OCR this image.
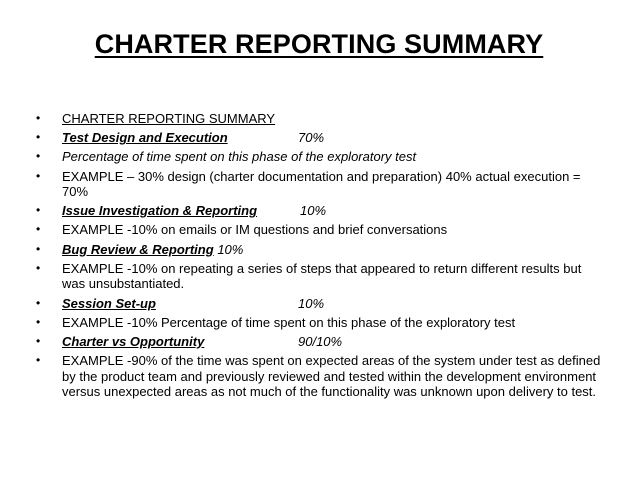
CHARTER REPORTING SUMMARY
•	CHARTER REPORTING SUMMARY
•	Test Design and Execution	70%
•	Percentage of time spent on this phase of the exploratory test
•	EXAMPLE – 30% design (charter documentation and preparation) 40% actual execution = 70%
•	Issue Investigation & Reporting	10%
•	EXAMPLE -10% on emails or IM questions and brief conversations
•	Bug Review & Reporting 10%
•	EXAMPLE -10% on repeating a series of steps that appeared to return different results but was unsubstantiated.
•	Session Set-up	10%
•	EXAMPLE -10% Percentage of time spent on this phase of the exploratory test
•	Charter vs Opportunity	90/10%
•	EXAMPLE -90% of the time was spent on expected areas of the system under test as defined by the product team and previously reviewed and tested within the development environment versus unexpected areas as not much of the functionality was unknown upon delivery to test.
